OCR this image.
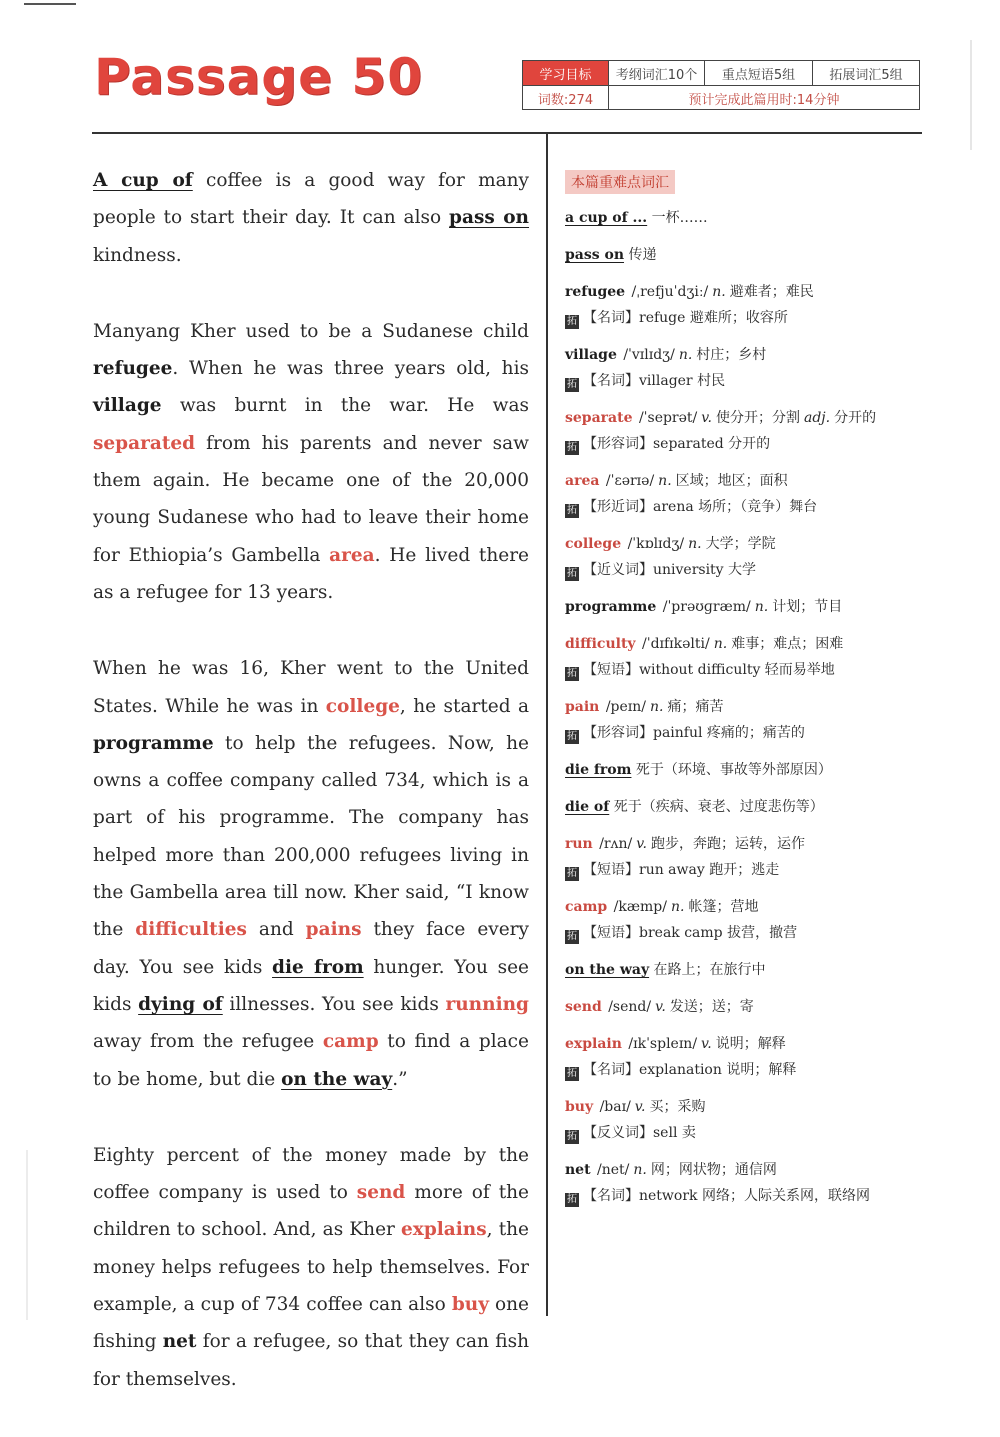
Passage 50	学习目标	考纲词汇10个	重点短语5组	拓展词汇5组
词数:274	预计完成此篇用时:14分钟

A cup of coffee is a good way for many people to start their day. It can also pass on kindness.

Manyang Kher used to be a Sudanese child refugee. When he was three years old, his village was burnt in the war. He was separated from his parents and never saw them again. He became one of the 20,000 young Sudanese who had to leave their home for Ethiopia’s Gambella area. He lived there as a refugee for 13 years.

When he was 16, Kher went to the United States. While he was in college, he started a programme to help the refugees. Now, he owns a coffee company called 734, which is a part of his programme. The company has helped more than 200,000 refugees living in the Gambella area till now. Kher said, “I know the difficulties and pains they face every day. You see kids die from hunger. You see kids dying of illnesses. You see kids running away from the refugee camp to find a place to be home, but die on the way.”

Eighty percent of the money made by the coffee company is used to send more of the children to school. And, as Kher explains, the money helps refugees to help themselves. For example, a cup of 734 coffee can also buy one fishing net for a refugee, so that they can fish for themselves.

本篇重难点词汇
a cup of ... 一杯……
pass on 传递
refugee /ˌrefjuˈdʒiː/ n. 避难者；难民
拓 【名词】refuge 避难所；收容所
village /ˈvɪlɪdʒ/ n. 村庄；乡村
拓 【名词】villager 村民
separate /ˈseprət/ v. 使分开；分割 adj. 分开的
拓 【形容词】separated 分开的
area /ˈɛərɪə/ n. 区域；地区；面积
拓 【形近词】arena 场所；（竞争）舞台
college /ˈkɒlɪdʒ/ n. 大学；学院
拓 【近义词】university 大学
programme /ˈprəʊɡræm/ n. 计划；节目
difficulty /ˈdɪfɪkəlti/ n. 难事；难点；困难
拓 【短语】without difficulty 轻而易举地
pain /peɪn/ n. 痛；痛苦
拓 【形容词】painful 疼痛的；痛苦的
die from 死于（环境、事故等外部原因）
die of 死于（疾病、衰老、过度悲伤等）
run /rʌn/ v. 跑步，奔跑；运转，运作
拓 【短语】run away 跑开；逃走
camp /kæmp/ n. 帐篷；营地
拓 【短语】break camp 拔营，撤营
on the way 在路上；在旅行中
send /send/ v. 发送；送；寄
explain /ɪkˈspleɪn/ v. 说明；解释
拓 【名词】explanation 说明；解释
buy /baɪ/ v. 买；采购
拓 【反义词】sell 卖
net /net/ n. 网；网状物；通信网
拓 【名词】network 网络；人际关系网，联络网
